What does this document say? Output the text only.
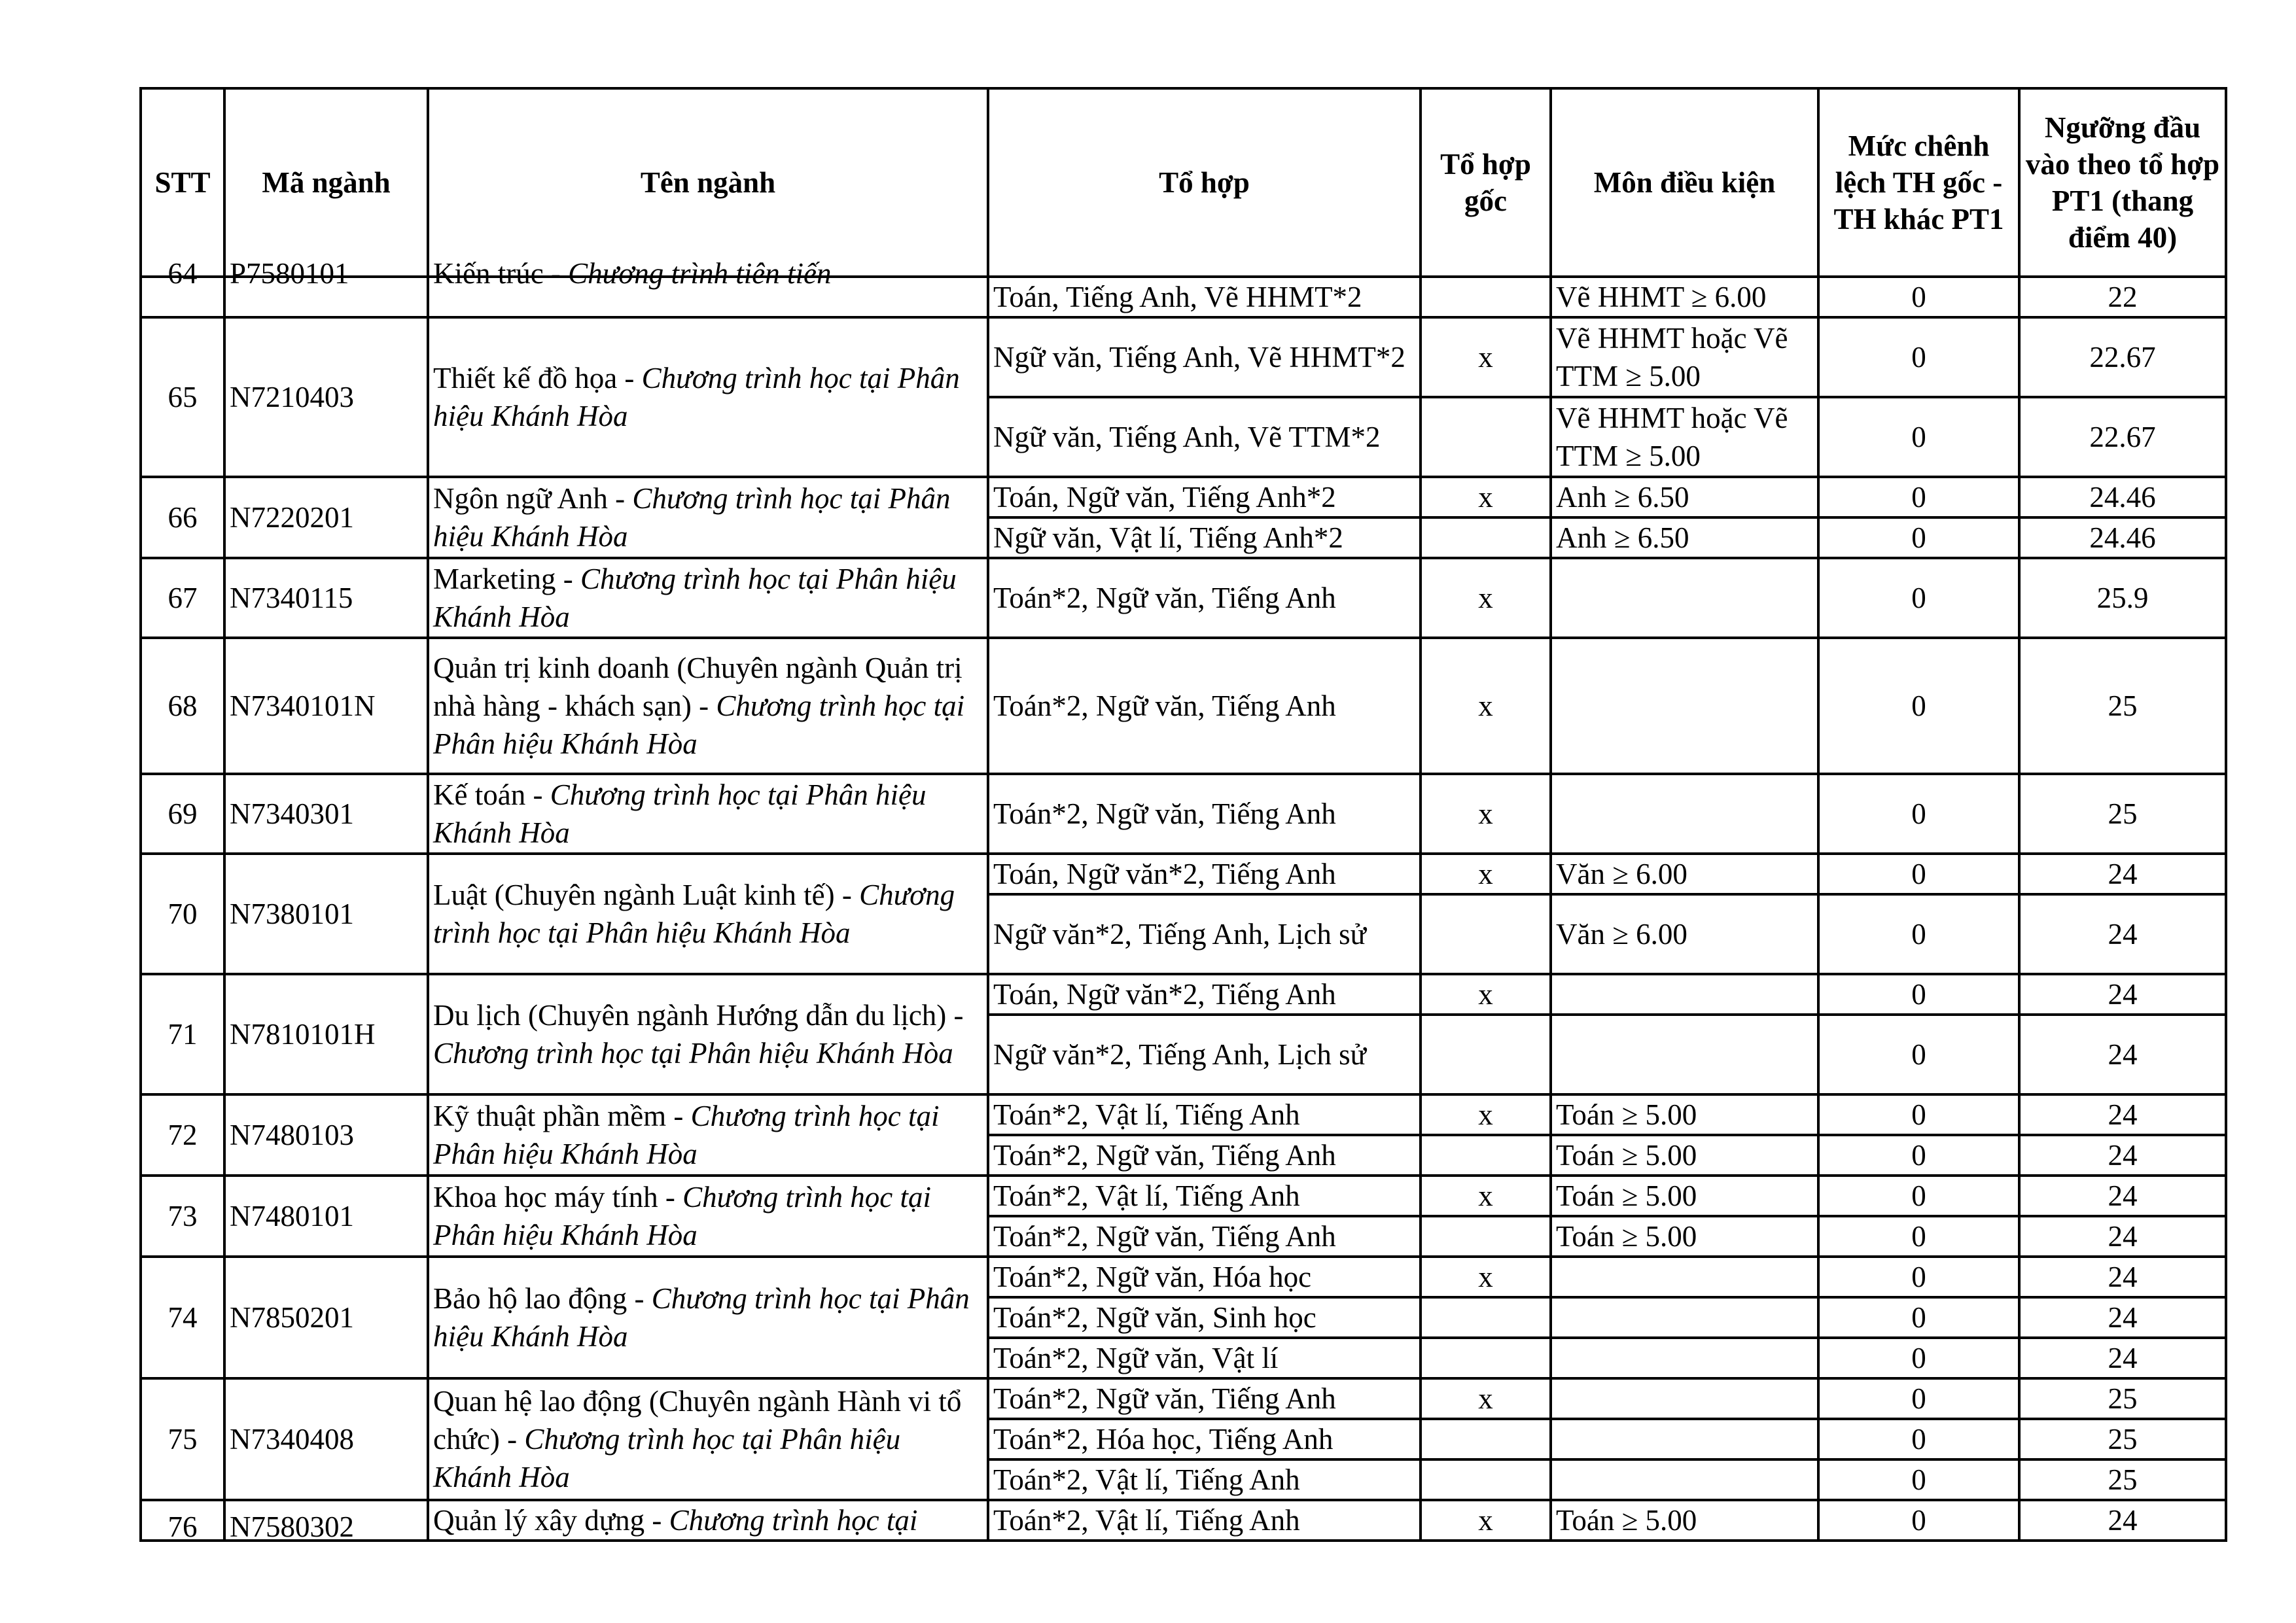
STT	Mã ngành	Tên ngành	Tổ hợp	Tổ hợp gốc	Môn điều kiện	Mức chênh lệch TH gốc - TH khác PT1	Ngưỡng đầu vào theo tổ hợp PT1 (thang điểm 40)

64	P7580101	Kiến trúc - Chương trình tiên tiến	Toán, Tiếng Anh, Vẽ HHMT*2		Vẽ HHMT ≥ 6.00	0	22
65	N7210403	Thiết kế đồ họa - Chương trình học tại Phân hiệu Khánh Hòa	Ngữ văn, Tiếng Anh, Vẽ HHMT*2	x	Vẽ HHMT hoặc Vẽ TTM ≥ 5.00	0	22.67
			Ngữ văn, Tiếng Anh, Vẽ TTM*2		Vẽ HHMT hoặc Vẽ TTM ≥ 5.00	0	22.67
66	N7220201	Ngôn ngữ Anh - Chương trình học tại Phân hiệu Khánh Hòa	Toán, Ngữ văn, Tiếng Anh*2	x	Anh ≥ 6.50	0	24.46
			Ngữ văn, Vật lí, Tiếng Anh*2		Anh ≥ 6.50	0	24.46
67	N7340115	Marketing - Chương trình học tại Phân hiệu Khánh Hòa	Toán*2, Ngữ văn, Tiếng Anh	x		0	25.9
68	N7340101N	Quản trị kinh doanh (Chuyên ngành Quản trị nhà hàng - khách sạn) - Chương trình học tại Phân hiệu Khánh Hòa	Toán*2, Ngữ văn, Tiếng Anh	x		0	25
69	N7340301	Kế toán - Chương trình học tại Phân hiệu Khánh Hòa	Toán*2, Ngữ văn, Tiếng Anh	x		0	25
70	N7380101	Luật (Chuyên ngành Luật kinh tế) - Chương trình học tại Phân hiệu Khánh Hòa	Toán, Ngữ văn*2, Tiếng Anh	x	Văn ≥ 6.00	0	24
			Ngữ văn*2, Tiếng Anh, Lịch sử		Văn ≥ 6.00	0	24
71	N7810101H	Du lịch (Chuyên ngành Hướng dẫn du lịch) - Chương trình học tại Phân hiệu Khánh Hòa	Toán, Ngữ văn*2, Tiếng Anh	x		0	24
			Ngữ văn*2, Tiếng Anh, Lịch sử			0	24
72	N7480103	Kỹ thuật phần mềm - Chương trình học tại Phân hiệu Khánh Hòa	Toán*2, Vật lí, Tiếng Anh	x	Toán ≥ 5.00	0	24
			Toán*2, Ngữ văn, Tiếng Anh		Toán ≥ 5.00	0	24
73	N7480101	Khoa học máy tính - Chương trình học tại Phân hiệu Khánh Hòa	Toán*2, Vật lí, Tiếng Anh	x	Toán ≥ 5.00	0	24
			Toán*2, Ngữ văn, Tiếng Anh		Toán ≥ 5.00	0	24
74	N7850201	Bảo hộ lao động - Chương trình học tại Phân hiệu Khánh Hòa	Toán*2, Ngữ văn, Hóa học	x		0	24
			Toán*2, Ngữ văn, Sinh học			0	24
			Toán*2, Ngữ văn, Vật lí			0	24
75	N7340408	Quan hệ lao động (Chuyên ngành Hành vi tổ chức) - Chương trình học tại Phân hiệu Khánh Hòa	Toán*2, Ngữ văn, Tiếng Anh	x		0	25
			Toán*2, Hóa học, Tiếng Anh			0	25
			Toán*2, Vật lí, Tiếng Anh			0	25

76	N7580302	Quản lý xây dựng - Chương trình học tại	Toán*2, Vật lí, Tiếng Anh	x	Toán ≥ 5.00	0	24
